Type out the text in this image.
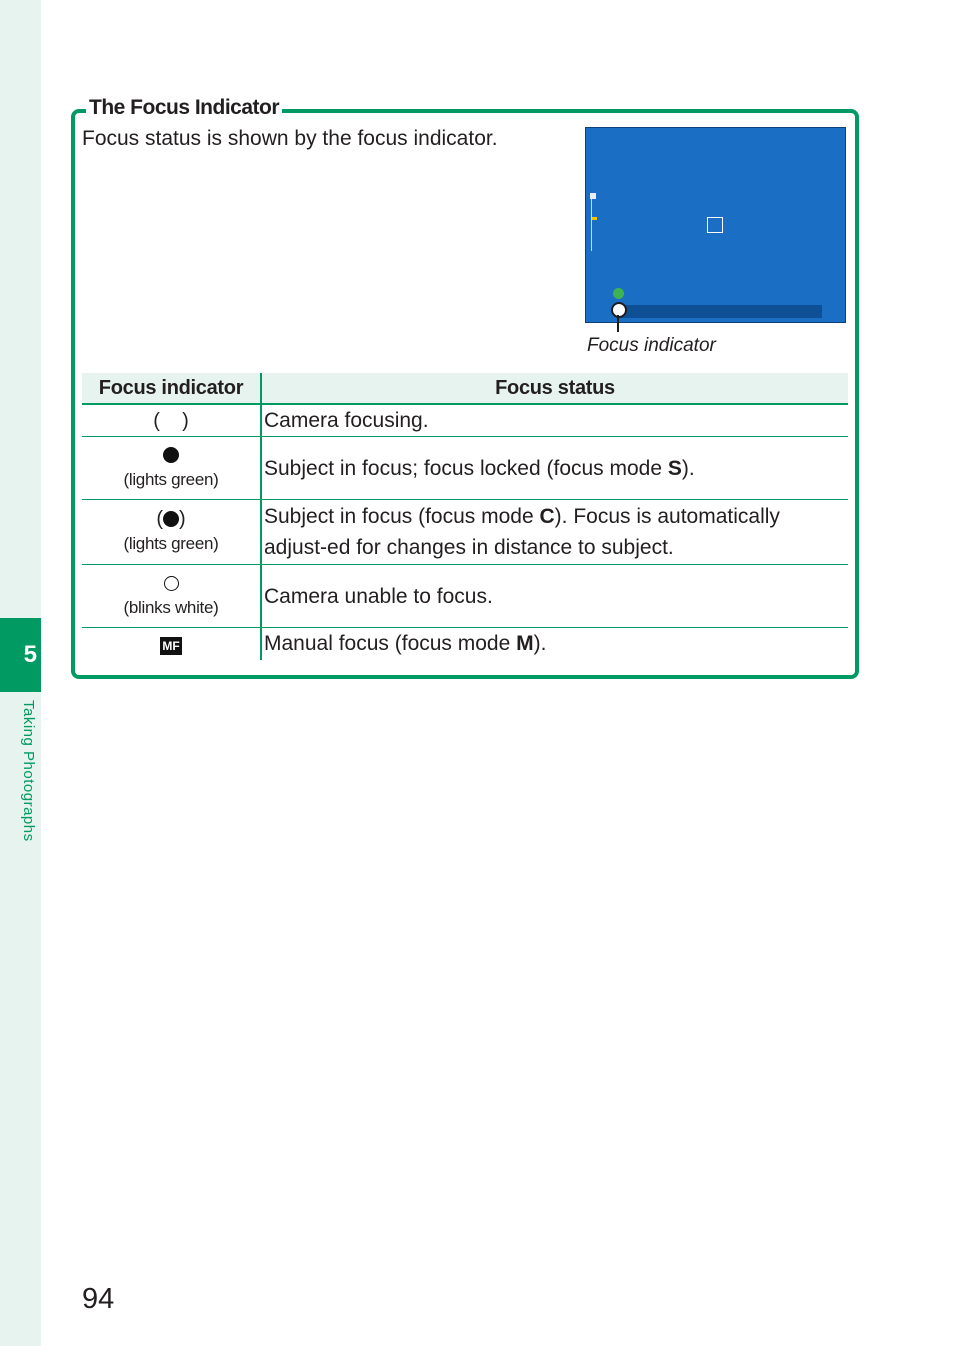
5
Taking Photographs
The Focus Indicator
Focus status is shown by the focus indicator.
Focus indicator
Focus indicator	Focus status

(    )	Camera focusing.

(lights green)	Subject in focus; focus locked (focus mode S).

( )
(lights green)	Subject in focus (focus mode C). Focus is automatically adjust-ed for changes in distance to subject.

(blinks white)	Camera unable to focus.
MF	Manual focus (focus mode M).
94
